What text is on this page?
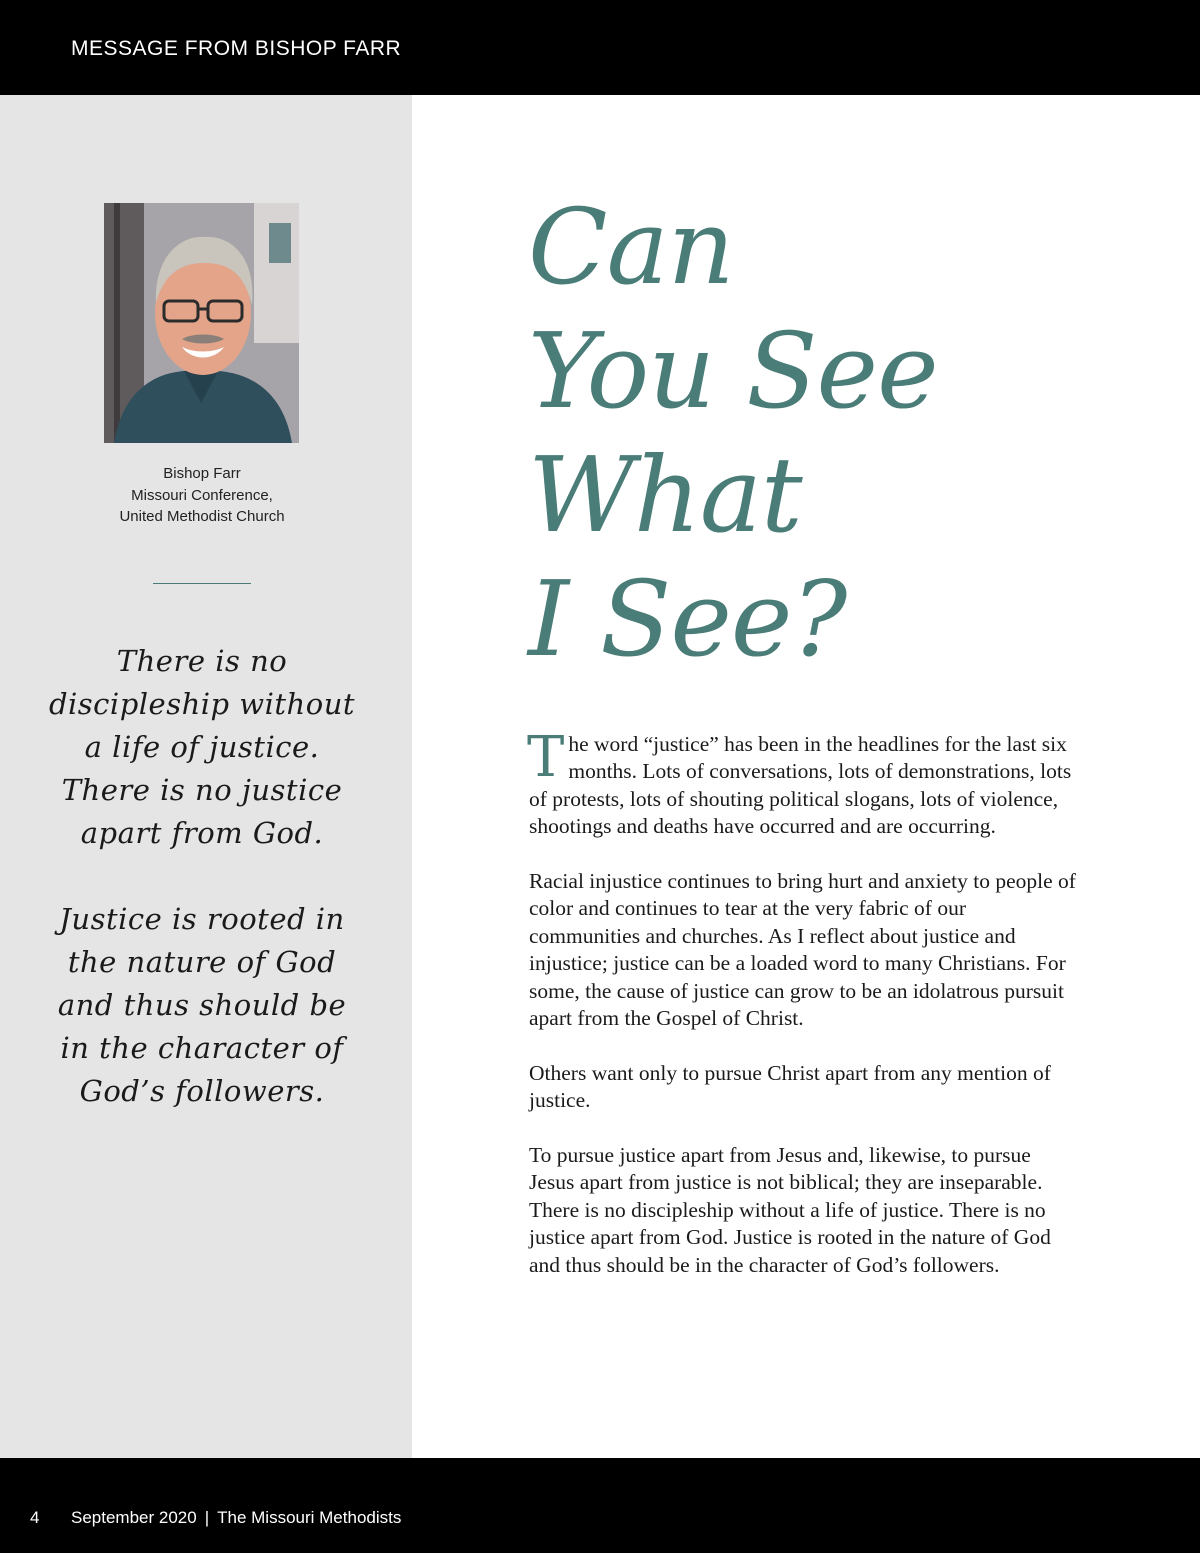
MESSAGE FROM BISHOP FARR
Bishop Farr
Missouri Conference,
United Methodist Church

There is no discipleship without a life of justice. There is no justice apart from God.

Justice is rooted in the nature of God and thus should be in the character of God’s followers.

Can
You See
What
I See?

The word “justice” has been in the headlines for the last six months. Lots of conversations, lots of demonstrations, lots of protests, lots of shouting political slogans, lots of violence, shootings and deaths have occurred and are occurring.

Racial injustice continues to bring hurt and anxiety to people of color and continues to tear at the very fabric of our communities and churches. As I reflect about justice and injustice; justice can be a loaded word to many Christians. For some, the cause of justice can grow to be an idolatrous pursuit apart from the Gospel of Christ.

Others want only to pursue Christ apart from any mention of justice.

To pursue justice apart from Jesus and, likewise, to pursue Jesus apart from justice is not biblical; they are inseparable. There is no discipleship without a life of justice. There is no justice apart from God. Justice is rooted in the nature of God and thus should be in the character of God’s followers.

4 September 2020 | The Missouri Methodists
